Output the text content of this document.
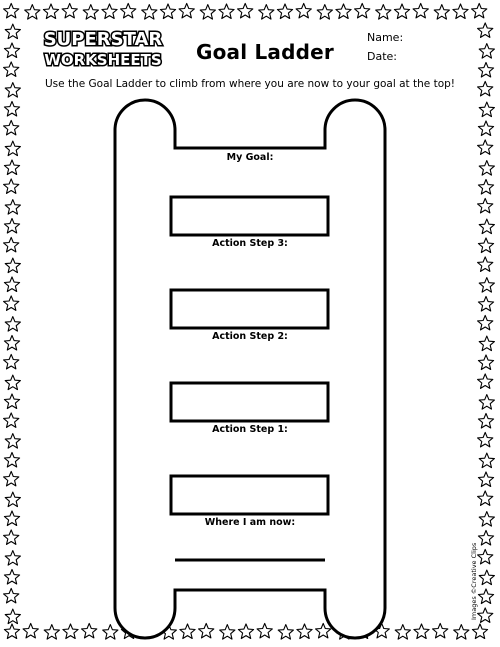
SUPERSTAR
WORKSHEETS Goal Ladder
Name:
Date:
Use the Goal Ladder to climb from where you are now to your goal at the top!
My Goal:
Action Step 3:
Action Step 2:
Action Step 1:
Where I am now:
Images ©Creative Clips
